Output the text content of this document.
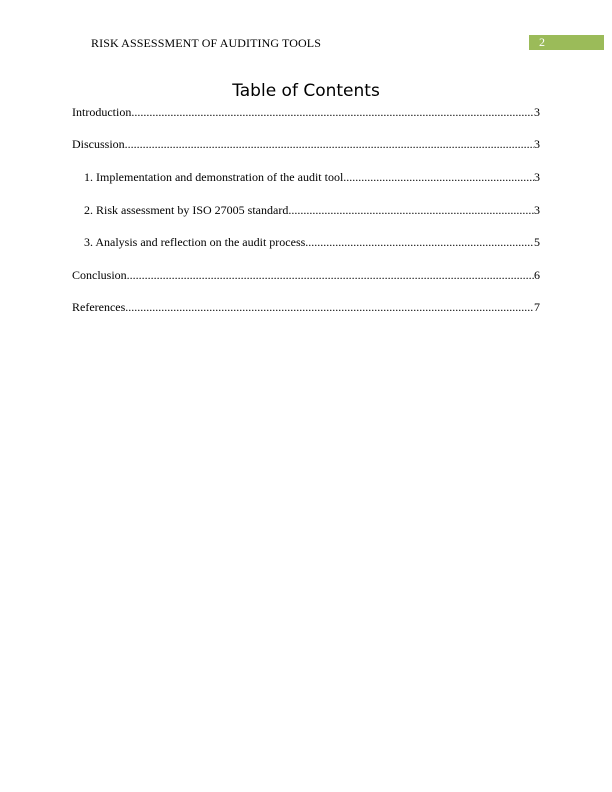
RISK ASSESSMENT OF AUDITING TOOLS	2
Table of Contents
Introduction .....	3
Discussion .....	3
1. Implementation and demonstration of the audit tool .....	3
2. Risk assessment by ISO 27005 standard .....	3
3. Analysis and reflection on the audit process .....	5
Conclusion .....	6
References .....	7
